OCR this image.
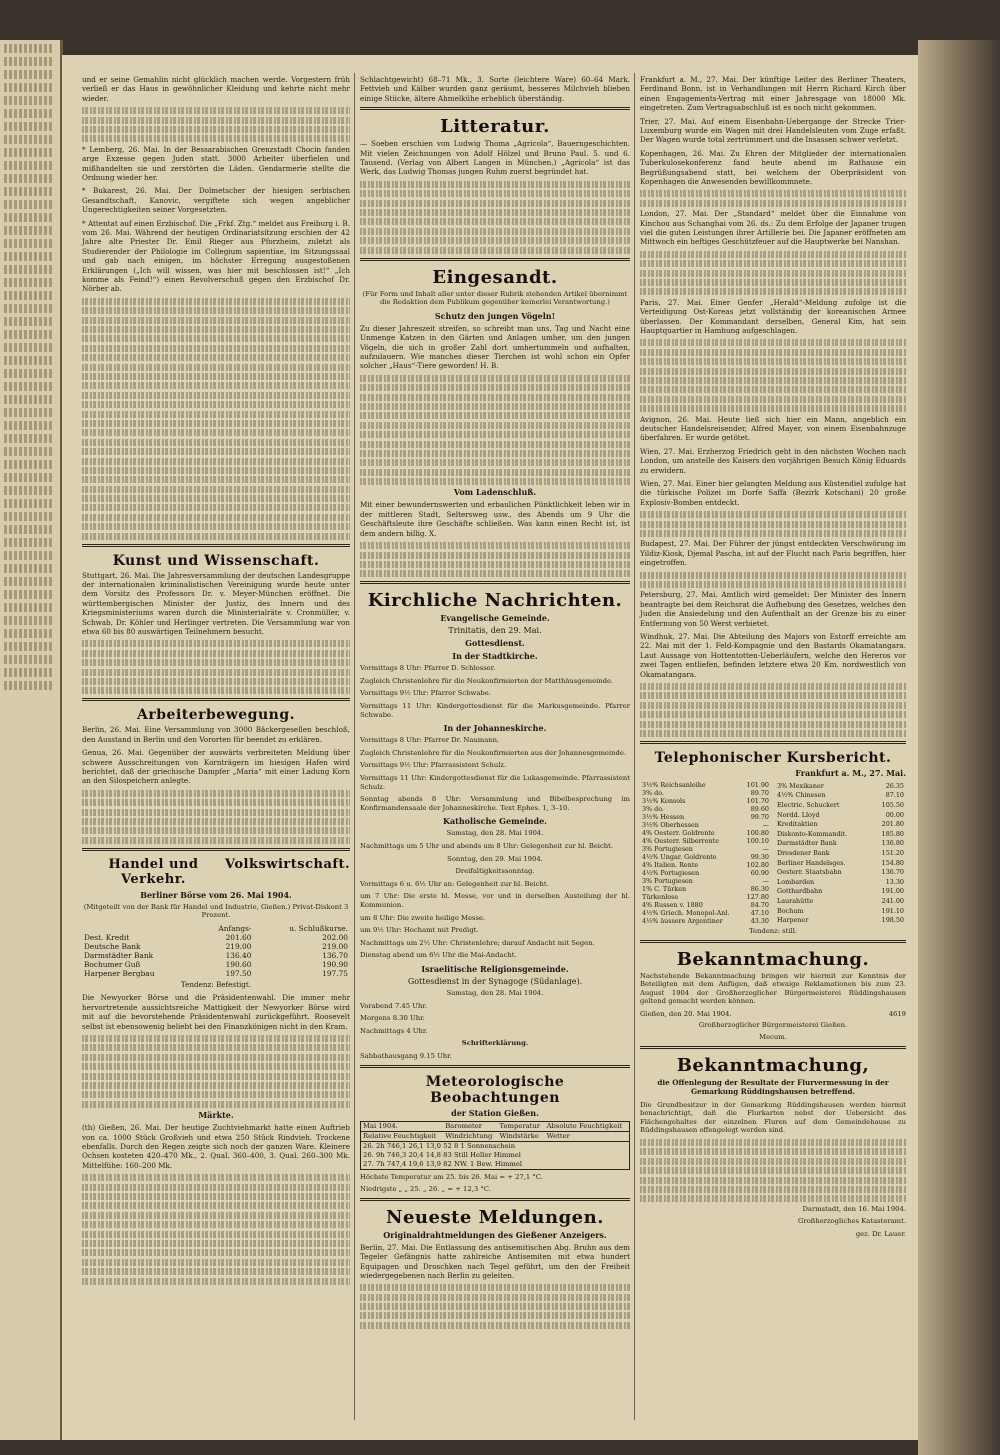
und er seine Gemahlin nicht glücklich machen werde. Vorgestern früh verließ er das Haus in gewöhnlicher Kleidung und kehrte nicht mehr wieder.

* Lemberg, 26. Mai. In der Bessarabischen Grenzstadt Chocin fanden arge Exzesse gegen Juden statt. 3000 Arbeiter überfielen und mißhandelten sie und zerstörten die Läden. Gendarmerie stellte die Ordnung wieder her.

* Bukarest, 26. Mai. Der Dolmetscher der hiesigen serbischen Gesandtschaft, Kanovic, vergiftete sich wegen angeblicher Ungerechtigkeiten seiner Vorgesetzten.

* Attentat auf einen Erzbischof. Die „Frkf. Ztg.“ meldet aus Freiburg i. B. vom 26. Mai. Während der heutigen Ordinariatsitzung erschien der 42 Jahre alte Priester Dr. Emil Rieger aus Pforzheim, zuletzt als Studierender der Philologie im Collegium sapientiae, im Sitzungssaal und gab nach einigen, im höchster Erregung ausgestoßenen Erklärungen („Ich will wissen, was hier mit beschlossen ist!“ „Ich komme als Feind!“) einen Revolverschuß gegen den Erzbischof Dr. Nörber ab.

Kunst und Wissenschaft.

Stuttgart, 26. Mai. Die Jahresversammlung der deutschen Landesgruppe der internationalen kriminalistischen Vereinigung wurde heute unter dem Vorsitz des Professors Dr. v. Meyer-München eröffnet. Die württembergischen Minister der Justiz, des Innern und des Kriegsministeriums waren durch die Ministerialräte v. Cronmüller, v. Schwab, Dr. Köhler und Herlinger vertreten. Die Versammlung war von etwa 60 bis 80 auswärtigen Teilnehmern besucht.

Arbeiterbewegung.

Berlin, 26. Mai. Eine Versammlung von 3000 Bäckergesellen beschloß, den Ausstand in Berlin und den Vororten für beendet zu erklären.

Genua, 26. Mai. Gegenüber der auswärts verbreiteten Meldung über schwere Ausschreitungen von Kornträgern im hiesigen Hafen wird berichtet, daß der griechische Dampfer „Maria“ mit einer Ladung Korn an den Silospeichern anlegte.

Handel und Verkehr.
Volkswirtschaft.
Berliner Börse vom 26. Mai 1904.

(Mitgeteilt von der Bank für Handel und Industrie, Gießen.) Privat-Diskont 3 Prozent.

	Anfangs-	u. Schlußkurse.
Dest. Kredit	201.60	202.00
Deutsche Bank	219.00	219.00
Darmstädter Bank	136.40	136.70
Bochumer Guß	190.60	190.90
Harpener Bergbau	197.50	197.75

Tendenz: Befestigt.

Die Newyorker Börse und die Präsidentenwahl. Die immer mehr hervortretende aussichtsreiche Mattigkeit der Newyorker Börse wird mit auf die bevorstehende Präsidentenwahl zurückgeführt. Roosevelt selbst ist ebensowenig beliebt bei den Finanzkönigen nicht in den Kram.

Märkte.

(th) Gießen, 26. Mai. Der heutige Zuchtviehmarkt hatte einen Auftrieb von ca. 1000 Stück Großvieh und etwa 250 Stück Rindvieh. Trockene ebenfalls. Durch den Regen zeigte sich noch der ganzen Ware. Kleinere Ochsen kosteten 420–470 Mk., 2. Qual. 360–400, 3. Qual. 260–300 Mk. Mittelfühe: 160–200 Mk.

Schlachtgewicht) 68–71 Mk., 3. Sorte (leichtere Ware) 60–64 Mark. Fettvieh und Kälber wurden ganz geräumt, besseres Milchvieh blieben einige Stücke, ältere Ahmelkühe erheblich überständig.

Litteratur.

— Soeben erschien von Ludwig Thoma „Agricola“, Bauerngeschichten. Mit vielen Zeichnungen von Adolf Hölzel und Bruno Paul. 5. und 6. Tausend. (Verlag von Albert Langen in München.) „Agricola“ ist das Werk, das Ludwig Thomas jungen Ruhm zuerst begründet hat.

Eingesandt.

(Für Form und Inhalt aller unter dieser Rubrik stehenden Artikel übernimmt die Redaktion dem Publikum gegenüber keinerlei Verantwortung.)

Schutz den jungen Vögeln!

Zu dieser Jahreszeit streifen, so schreibt man uns, Tag und Nacht eine Unmenge Katzen in den Gärten und Anlagen umher, um den jungen Vögeln, die sich in großer Zahl dort umhertummeln und aufhalten, aufzulauern. Wie manches dieser Tierchen ist wohl schon ein Opfer solcher „Haus“-Tiere geworden! H. B.

Vom Ladenschluß.

Mit einer bewundernswerten und erbaulichen Pünktlichkeit leben wir in der mittleren Stadt, Seltersweg usw., des Abends um 9 Uhr die Geschäftsleute ihre Geschäfte schließen. Was kann einen Recht ist, ist dem andern billig. X.

Kirchliche Nachrichten.
Evangelische Gemeinde.
Trinitatis, den 29. Mai.
Gottesdienst.
In der Stadtkirche.

Vormittags 8 Uhr: Pfarrer D. Schlosser.

Zugleich Christenlehre für die Neukonfirmierten der Matthäusgemeinde.

Vormittags 9½ Uhr: Pfarrer Schwabe.

Vormittags 11 Uhr: Kindergottesdienst für die Markusgemeinde. Pfarrer Schwabe.

In der Johanneskirche.

Vormittags 8 Uhr: Pfarrer Dr. Naumann.

Zugleich Christenlehre für die Neukonfirmierten aus der Johannesgemeinde.

Vormittags 9½ Uhr: Pfarrassistent Schulz.

Vormittags 11 Uhr: Kindergottesdienst für die Lukasgemeinde. Pfarrassistent Schulz.

Sonntag abends 8 Uhr: Versammlung und Bibelbesprechung im Konfirmandensaale der Johanneskirche. Text Ephes. 1, 3–10.

Katholische Gemeinde.

Samstag, den 28. Mai 1904.

Nachmittags um 5 Uhr und abends um 8 Uhr: Gelegenheit zur hl. Beicht.

Sonntag, den 29. Mai 1904.

Dreifaltigkeitssonntag.

Vormittags 6 u. 6½ Uhr an: Gelegenheit zur hl. Beicht.

um 7 Uhr: Die erste hl. Messe, vor und in derselben Austeilung der hl. Kommunion.

um 8 Uhr: Die zweite heilige Messe.

um 9½ Uhr: Hochamt mit Predigt.

Nachmittags um 2½ Uhr: Christenlehre; darauf Andacht mit Segen.

Dienstag abend um 6½ Uhr die Mai-Andacht.

Israelitische Religionsgemeinde.
Gottesdienst in der Synagoge (Südanlage).

Samstag, den 28. Mai 1904.

Vorabend 7.45 Uhr.

Morgens 8.30 Uhr.

Nachmittags 4 Uhr.

Schrifterklärung.

Sabbathausgang 9.15 Uhr.

Meteorologische Beobachtungen
der Station Gießen.
Mai 1904.	Barometer	Temperatur	Absolute Feuchtigkeit
Relative Feuchtigkeit	Windrichtung	Windstärke	Wetter
26. 2h 746,1 26,1 13,0 52 8 1 Sonnenschein			
26. 9h 746,3 20,4 14,8 83 Still Heller Himmel			
27. 7h 747,4 19,6 13,9 82 NW. 1 Bew. Himmel			

Höchste Temperatur am 25. bis 26. Mai = + 27,1 °C.

Niedrigste „ „ 25. „ 26. „ = + 12,3 °C.

Neueste Meldungen.
Originaldrahtmeldungen des Gießener Anzeigers.

Berlin, 27. Mai. Die Entlassung des antisemitischen Abg. Bruhn aus dem Tegeler Gefängnis hatte zahlreiche Antisemiten mit etwa hundert Equipagen und Droschken nach Tegel geführt, um den der Freiheit wiedergegebenen nach Berlin zu geleiten.

Frankfurt a. M., 27. Mai. Der künftige Leiter des Berliner Theaters, Ferdinand Bonn, ist in Verhandlungen mit Herrn Richard Kirch über einen Engagements-Vertrag mit einer Jahresgage von 18000 Mk. eingetreten. Zum Vertragsabschluß ist es noch nicht gekommen.

Trier, 27. Mai. Auf einem Eisenbahn-Uebergange der Strecke Trier-Luxemburg wurde ein Wagen mit drei Handelsleuten vom Zuge erfaßt. Der Wagen wurde total zertrümmert und die Insassen schwer verletzt.

Kopenhagen, 26. Mai. Zu Ehren der Mitglieder der internationalen Tuberkulosekonferenz fand heute abend im Rathause ein Begrüßungsabend statt, bei welchem der Oberpräsident von Kopenhagen die Anwesenden bewillkommnete.

London, 27. Mai. Der „Standard“ meldet über die Einnahme von Kinchou aus Schanghai vom 26. ds.: Zu dem Erfolge der Japaner trugen viel die guten Leistungen ihrer Artillerie bei. Die Japaner eröffneten am Mittwoch ein heftiges Geschützfeuer auf die Hauptwerke bei Nanshan.

Paris, 27. Mai. Einer Genfer „Herald“-Meldung zufolge ist die Verteidigung Ost-Koreas jetzt vollständig der koreanischen Armee überlassen. Der Kommandant derselben, General Kim, hat sein Hauptquartier in Hamhung aufgeschlagen.

Avignon, 26. Mai. Heute ließ sich hier ein Mann, angeblich ein deutscher Handelsreisender, Alfred Mayer, von einem Eisenbahnzuge überfahren. Er wurde getötet.

Wien, 27. Mai. Erzherzog Friedrich geht in den nächsten Wochen nach London, um anstelle des Kaisers den vorjährigen Besuch König Eduards zu erwidern.

Wien, 27. Mai. Einer hier gelangten Meldung aus Küstendiel zufolge hat die türkische Polizei im Dorfe Saffa (Bezirk Kotschani) 20 große Explosiv-Bomben entdeckt.

Budapest, 27. Mai. Der Führer der jüngst entdeckten Verschwörung im Yildiz-Kiosk, Djemal Pascha, ist auf der Flucht nach Paris begriffen, hier eingetroffen.

Petersburg, 27. Mai. Amtlich wird gemeldet: Der Minister des Innern beantragte bei dem Reichsrat die Aufhebung des Gesetzes, welches den Juden die Ansiedelung und den Aufenthalt an der Grenze bis zu einer Entfernung von 50 Werst verbietet.

Windhuk, 27. Mai. Die Abteilung des Majors von Estorff erreichte am 22. Mai mit der 1. Feld-Kompagnie und den Bastards Okamatangara. Laut Aussage von Hottentotten-Ueberläufern, welche den Hereros vor zwei Tagen entliefen, befinden letztere etwa 20 Km. nordwestlich von Okamatangara.

Telephonischer Kursbericht.
Frankfurt a. M., 27. Mai.
3½% Reichsanleihe	101.90
3% do.	89.70
3½% Konsols	101.70
3% do.	89.60
3½% Hessen	99.70
3½% Oberhessen	—
4% Oesterr. Goldrente	100.80
4% Oesterr. Silberrente	100.10
3% Portugiesen	—
4½% Ungar. Goldrente	99.30
4% Italien. Rente	102.80
4½% Portugiesen	60.90
3% Portugiesen	—
1% C. Türken	86.30
Türkenlose	127.80
4% Russen v. 1880	84.70
4½% Griech. Monopol-Anl.	47.10
4½% äussere Argentiner	43.30
3% Mexikaner	26.35
4½% Chinesen	87.10
Electric. Schuckert	105.50
Nordd. Lloyd	00.00
Kreditaktien	201.80
Diskonto-Kommandit.	185.80
Darmstädter Bank	136.80
Dresdener Bank	151.20
Berliner Handelsges.	154.80
Oesterr. Staatsbahn	136.70
Lombarden	13.30
Gotthardbahn	191.00
Laurahütte	241.00
Bochum	191.10
Harpener	198.50

Tendenz: still.

Bekanntmachung.

Nachstehende Bekanntmachung bringen wir hiermit zur Kenntnis der Beteiligten mit dem Anfügen, daß etwaige Reklamationen bis zum 23. August 1904 der Großherzoglicher Bürgermeisterei Rüddingshausen geltend gemacht werden können.

Gießen, den 20. Mai 1904.	4619

Großherzoglicher Bürgermeisterei Gießen.

Mecum.

Bekanntmachung,

die Offenlegung der Resultate der Flurvermessung in der Gemarkung Rüddingshausen betreffend.

Die Grundbesitzer in der Gemarkung Rüddingshausen werden hiermit benachrichtigt, daß die Flurkarten nebst der Uebersicht des Flächengehaltes der einzelnen Fluren auf dem Gemeindehause zu Rüddingshausen offengelegt werden sind.

Darmstadt, den 16. Mai 1904.

Großherzogliches Katasteramt.

gez. Dr. Lauer.
